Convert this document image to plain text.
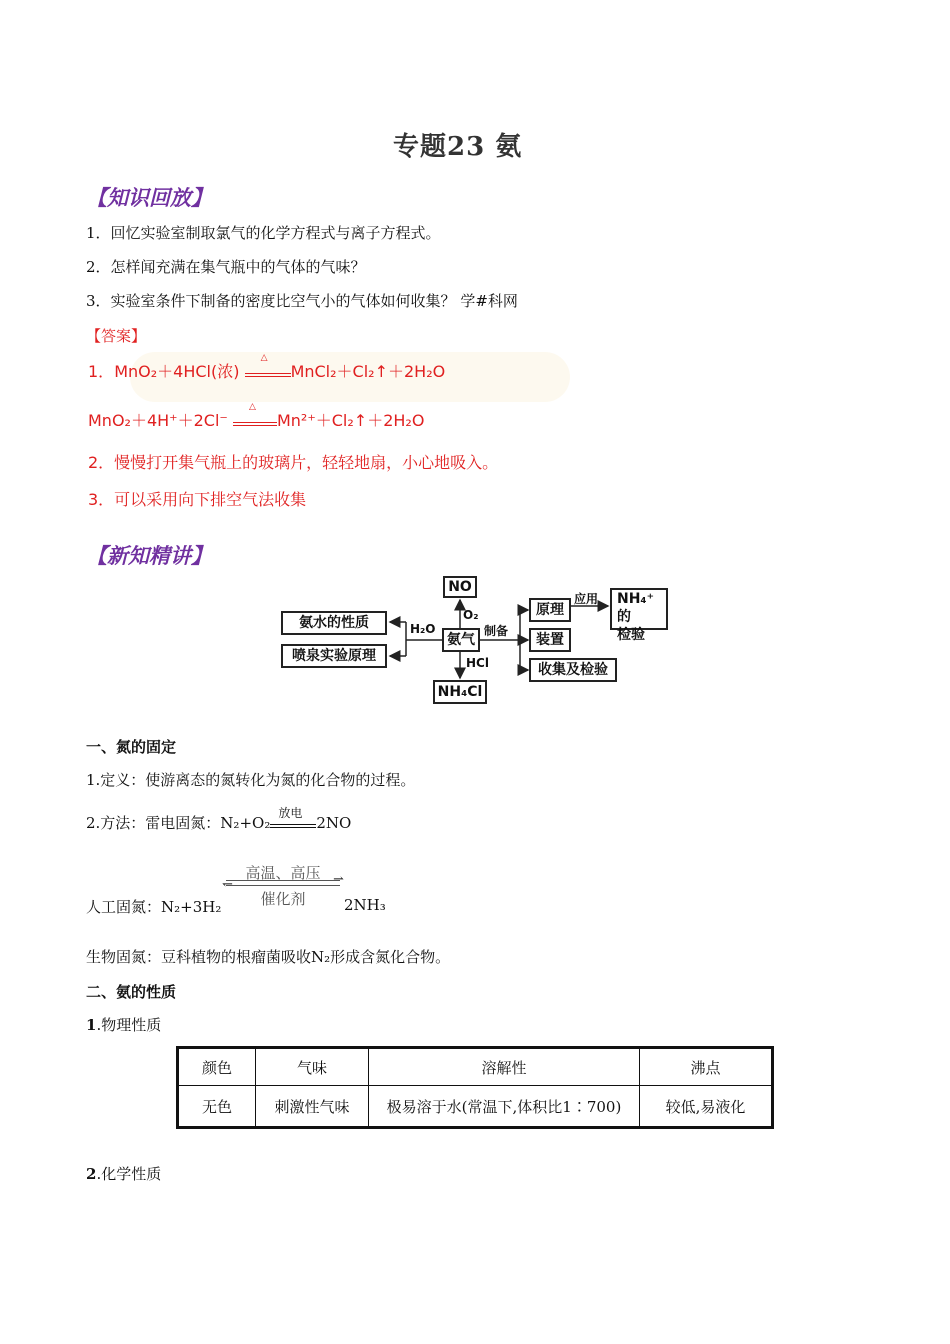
专题23 氨
【知识回放】
1．回忆实验室制取氯气的化学方程式与离子方程式。
2．怎样闻充满在集气瓶中的气体的气味？
3．实验室条件下制备的密度比空气小的气体如何收集？ 学#科网
【答案】
1．MnO₂＋4HCl(浓)
△
MnCl₂＋Cl₂↑＋2H₂O
MnO₂＋4H⁺＋2Cl⁻
△
Mn²⁺＋Cl₂↑＋2H₂O
2．慢慢打开集气瓶上的玻璃片，轻轻地扇，小心地吸入。
3．可以采用向下排空气法收集
【新知精讲】
NO
O₂
氨气
HCl
NH₄Cl
H₂O
氨水的性质
喷泉实验原理
制备
原理
装置
收集及检验
应用 NH₄⁺的
检验
一、氮的固定
1.定义：使游离态的氮转化为氮的化合物的过程。
2.方法：雷电固氮：N₂+O₂
放电
2NO
高温、高压 ⇀
↽
催化剂
人工固氮：N₂+3H₂	2NH₃
生物固氮：豆科植物的根瘤菌吸收N₂形成含氮化合物。
二、氨的性质
1.物理性质
颜色	气味	溶解性	沸点
无色	刺激性气味	极易溶于水(常温下,体积比1∶700)	较低,易液化
2.化学性质
